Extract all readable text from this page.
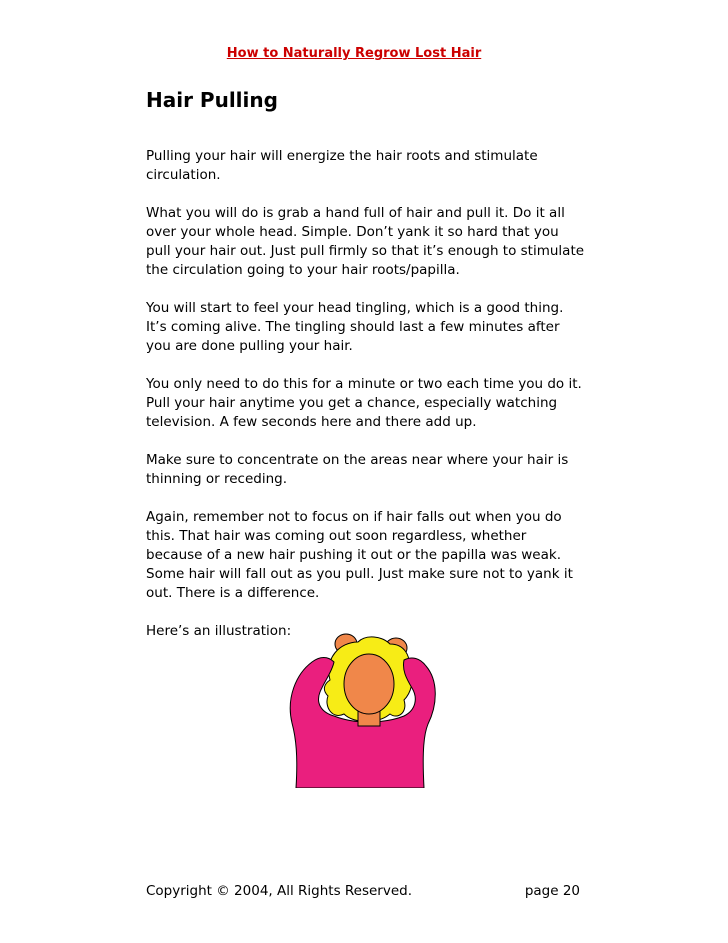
How to Naturally Regrow Lost Hair
Hair Pulling

Pulling your hair will energize the hair roots and stimulate circulation.

What you will do is grab a hand full of hair and pull it. Do it all over your whole head. Simple. Don’t yank it so hard that you pull your hair out. Just pull firmly so that it’s enough to stimulate the circulation going to your hair roots/papilla.

You will start to feel your head tingling, which is a good thing. It’s coming alive. The tingling should last a few minutes after you are done pulling your hair.

You only need to do this for a minute or two each time you do it. Pull your hair anytime you get a chance, especially watching television. A few seconds here and there add up.

Make sure to concentrate on the areas near where your hair is thinning or receding.

Again, remember not to focus on if hair falls out when you do this. That hair was coming out soon regardless, whether because of a new hair pushing it out or the papilla was weak. Some hair will fall out as you pull. Just make sure not to yank it out. There is a difference.

Here’s an illustration:

Copyright © 2004, All Rights Reserved.	page 20
